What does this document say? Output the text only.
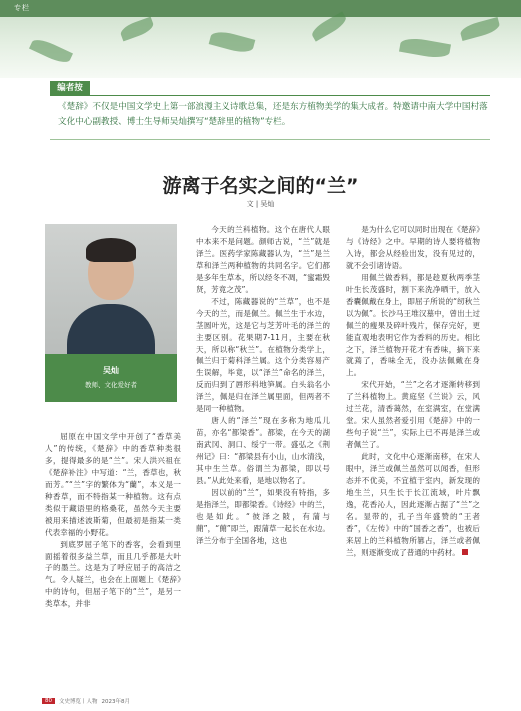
专栏
编者按

《楚辞》不仅是中国文学史上第一部浪漫主义诗歌总集，还是东方植物美学的集大成者。特邀请中南大学中国村落文化中心副教授、博士生导师吴灿撰写“楚辞里的植物”专栏。

游离于名实之间的“兰”
文 | 吴灿
吴灿
教师、文化爱好者

屈原在中国文学中开创了“香草美人”的传统，《楚辞》中的香草种类很多，提得最多的是“兰”。宋人洪兴祖在《楚辞补注》中写道：“兰，香草也，秋而芳。”“兰”字的繁体为“蘭”，本义是一种香草，而不特指某一种植物。这有点类似于藏语里的格桑花，虽然今天主要被用来描述波斯菊，但最初是指某一类代表幸福的小野花。

到底罗屈子笔下的香客，会看到里面摇着很多益兰草，而且几乎都是大叶子的墨兰。这是为了呼应屈子的高洁之气。令人疑兰，也会在上面题上《楚辞》中的诗句，但屈子笔下的“兰”，是另一类草本，并非

今天的兰科植物。这个在唐代人眼中本来不是问题。颜师古说，“兰”就是泽兰。医药学家陈藏器认为，“兰”是兰草和泽兰两种植物的共同名字。它们都是多年生草本，所以经冬不凋，“蜜霜毁贤，芳竟之茂”。

不过，陈藏器说的“兰草”，也不是今天的兰，而是佩兰。佩兰生于水边，茎圆叶光，这是它与芝芳叶毛的泽兰的主要区别。花果期7-11月，主要在秋天，所以称“秋兰”。在植物分类学上，佩兰归于菊科泽兰属。这个分类容易产生误解，毕竟，以“泽兰”命名的泽兰，反而归到了唇形科地笋属。白头翁名小泽兰，佩是归在泽兰属里面，但两者不是同一种植物。

唐人的“泽兰”现在多称为地瓜儿苗，亦名“都梁香”。都梁，在今天的湖南武冈、洞口、绥宁一带。盛弘之《荆州记》曰：“都梁县有小山，山水清浅，其中生兰草。俗谓兰为都梁，即以号县。”从此处来看，是地以物名了。

因以前的“兰”，如果没有特指，多是指泽兰，即都梁香。《诗经》中的兰，也是如此。“彼泽之陂，有蒲与蕑”，“蕑”即兰，跟蒲草一起长在水边。泽兰分布于全国各地，这也

是为什么它可以同时出现在《楚辞》与《诗经》之中。早期的诗人要将植物入诗，都会从经验出发，没有见过的，就不会引诸诗语。

用佩兰做香料，都是趁夏秋两季茎叶生长茂盛时，割下来洗净晒干，放入香囊佩戴在身上，即屈子所说的“纫秋兰以为佩”。长沙马王堆汉墓中，曾出土过佩兰的瘦果及碎叶残片，保存完好，更能直观地表明它作为香料的历史。相比之下，泽兰植物开花才有香味，摘下来就蔫了，香味全无，没办法佩戴在身上。

宋代开始，“兰”之名才逐渐转移到了兰科植物上。黄庭坚《兰说》云，风过兰花，清香蔼然，在室满室，在堂满堂。宋人虽然者爱引用《楚辞》中的一些句子说“兰”，实际上已不再是泽兰或者佩兰了。

此时，文化中心逐渐南移，在宋人眼中，泽兰或佩兰虽然可以闻香，但形态并不优美，不宜植于室内，新发现的地生兰，只生长于长江流域，叶片飘逸，花香沁人，因此逐渐占据了“兰”之名。显带的，孔子当年盛赞的“王者香”，《左传》中的“国香之香”，也被后来居上的兰科植物所篡占，泽兰或者佩兰，则逐渐变成了普通的中药材。

80	文史博览丨人物 2023年8月
